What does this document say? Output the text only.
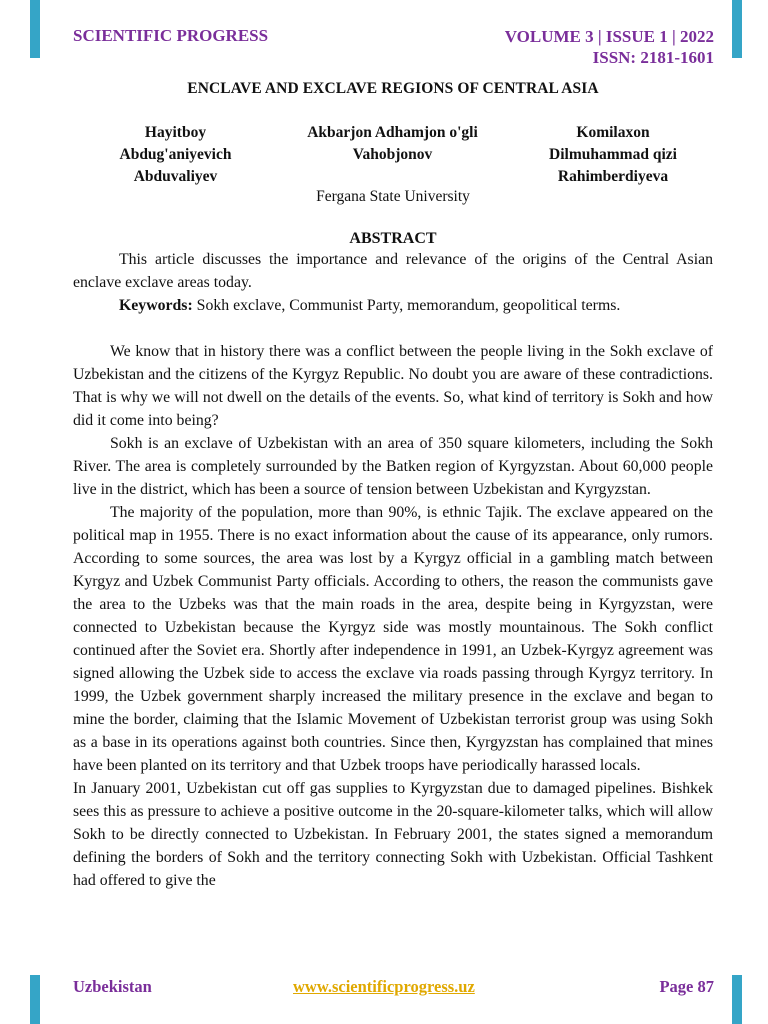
SCIENTIFIC PROGRESS	VOLUME 3 | ISSUE 1 | 2022
ISSN: 2181-1601
ENCLAVE AND EXCLAVE REGIONS OF CENTRAL ASIA
Hayitboy
Abdug'aniyevich
Abduvaliyev
Akbarjon Adhamjon o'gli
Vahobjonov
Komilaxon
Dilmuhammad qizi
Rahimberdiyeva
Fergana State University
ABSTRACT

This article discusses the importance and relevance of the origins of the Central Asian enclave exclave areas today.

Keywords: Sokh exclave, Communist Party, memorandum, geopolitical terms.

We know that in history there was a conflict between the people living in the Sokh exclave of Uzbekistan and the citizens of the Kyrgyz Republic. No doubt you are aware of these contradictions. That is why we will not dwell on the details of the events. So, what kind of territory is Sokh and how did it come into being?

Sokh is an exclave of Uzbekistan with an area of 350 square kilometers, including the Sokh River. The area is completely surrounded by the Batken region of Kyrgyzstan. About 60,000 people live in the district, which has been a source of tension between Uzbekistan and Kyrgyzstan.

The majority of the population, more than 90%, is ethnic Tajik. The exclave appeared on the political map in 1955. There is no exact information about the cause of its appearance, only rumors. According to some sources, the area was lost by a Kyrgyz official in a gambling match between Kyrgyz and Uzbek Communist Party officials. According to others, the reason the communists gave the area to the Uzbeks was that the main roads in the area, despite being in Kyrgyzstan, were connected to Uzbekistan because the Kyrgyz side was mostly mountainous. The Sokh conflict continued after the Soviet era. Shortly after independence in 1991, an Uzbek-Kyrgyz agreement was signed allowing the Uzbek side to access the exclave via roads passing through Kyrgyz territory. In 1999, the Uzbek government sharply increased the military presence in the exclave and began to mine the border, claiming that the Islamic Movement of Uzbekistan terrorist group was using Sokh as a base in its operations against both countries. Since then, Kyrgyzstan has complained that mines have been planted on its territory and that Uzbek troops have periodically harassed locals.

In January 2001, Uzbekistan cut off gas supplies to Kyrgyzstan due to damaged pipelines. Bishkek sees this as pressure to achieve a positive outcome in the 20-square-kilometer talks, which will allow Sokh to be directly connected to Uzbekistan. In February 2001, the states signed a memorandum defining the borders of Sokh and the territory connecting Sokh with Uzbekistan. Official Tashkent had offered to give the

Uzbekistan	www.scientificprogress.uz	Page 87
